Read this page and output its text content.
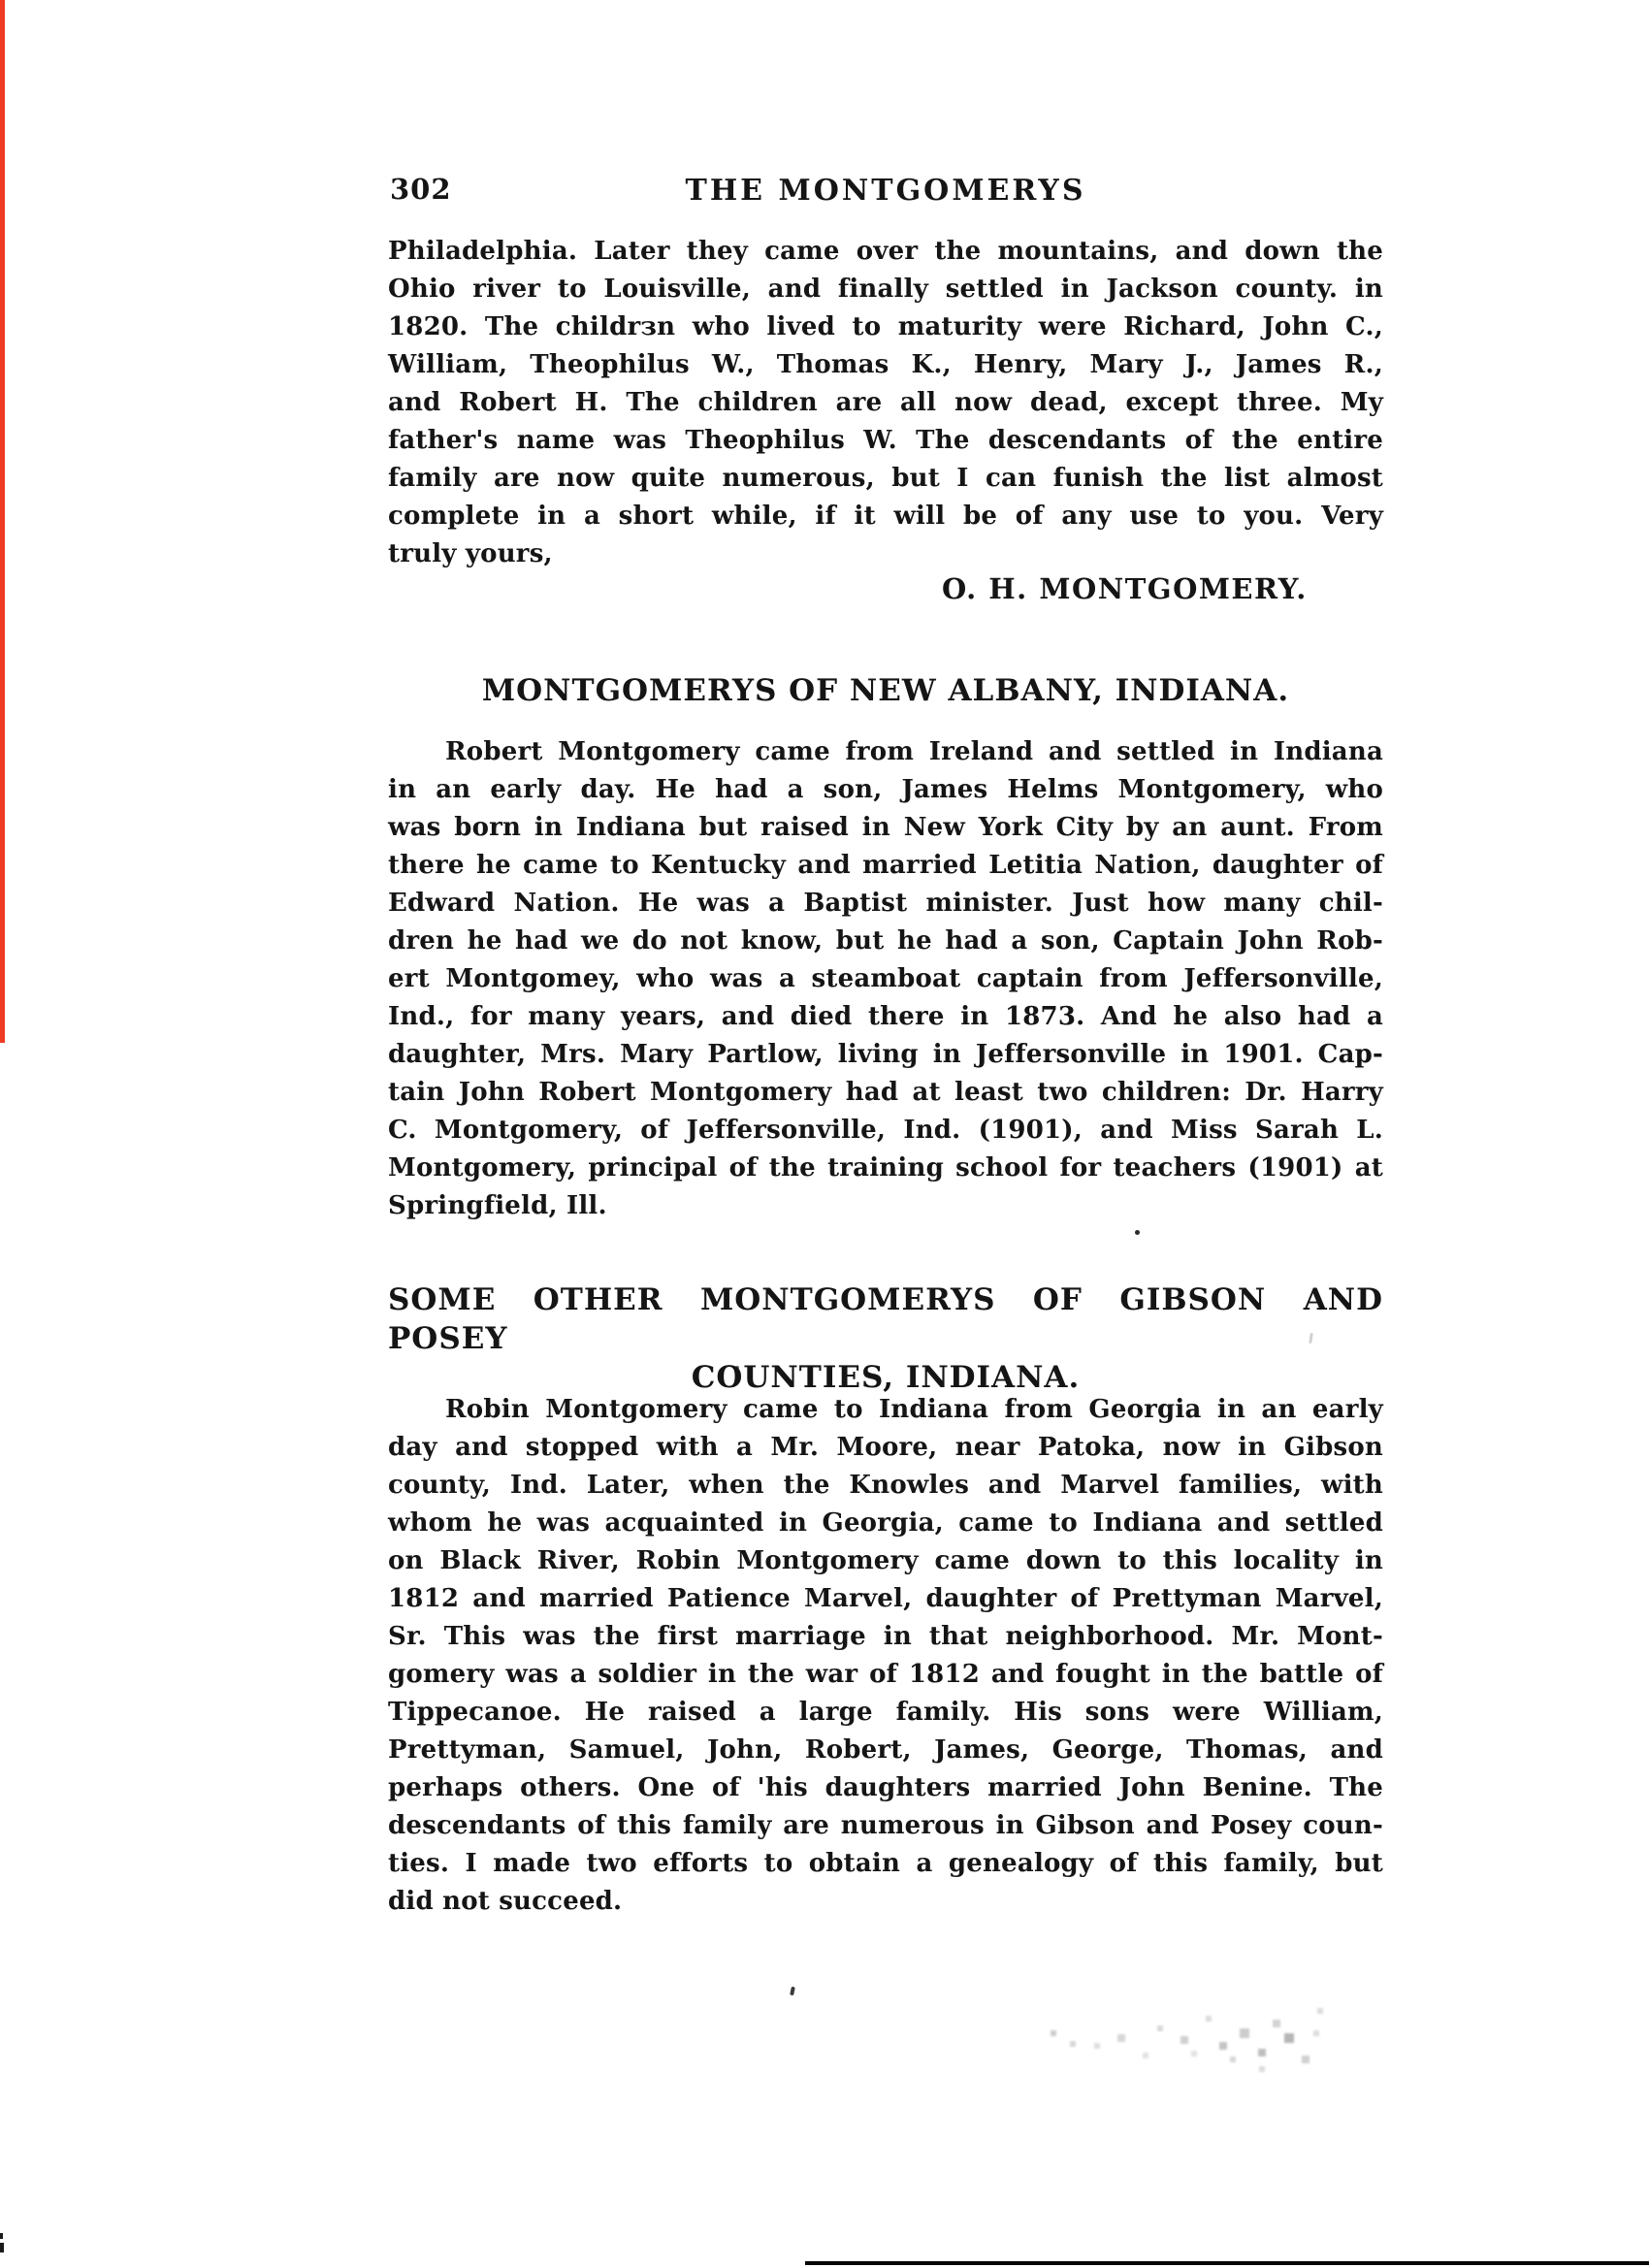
302	THE MONTGOMERYS
Philadelphia. Later they came over the mountains, and down the
Ohio river to Louisville, and finally settled in Jackson county. in
1820. The childrзn who lived to maturity were Richard, John C.,
William, Theophilus W., Thomas K., Henry, Mary J., James R.,
and Robert H. The children are all now dead, except three. My
father's name was Theophilus W. The descendants of the entire
family are now quite numerous, but I can funish the list almost
complete in a short while, if it will be of any use to you. Very
truly yours,
O. H. MONTGOMERY.
MONTGOMERYS OF NEW ALBANY, INDIANA.
Robert Montgomery came from Ireland and settled in Indiana
in an early day. He had a son, James Helms Montgomery, who
was born in Indiana but raised in New York City by an aunt. From
there he came to Kentucky and married Letitia Nation, daughter of
Edward Nation. He was a Baptist minister. Just how many chil-
dren he had we do not know, but he had a son, Captain John Rob-
ert Montgomey, who was a steamboat captain from Jeffersonville,
Ind., for many years, and died there in 1873. And he also had a
daughter, Mrs. Mary Partlow, living in Jeffersonville in 1901. Cap-
tain John Robert Montgomery had at least two children: Dr. Harry
C. Montgomery, of Jeffersonville, Ind. (1901), and Miss Sarah L.
Montgomery, principal of the training school for teachers (1901) at
Springfield, Ill.
SOME OTHER MONTGOMERYS OF GIBSON AND POSEY
COUNTIES, INDIANA.
Robin Montgomery came to Indiana from Georgia in an early
day and stopped with a Mr. Moore, near Patoka, now in Gibson
county, Ind. Later, when the Knowles and Marvel families, with
whom he was acquainted in Georgia, came to Indiana and settled
on Black River, Robin Montgomery came down to this locality in
1812 and married Patience Marvel, daughter of Prettyman Marvel,
Sr. This was the first marriage in that neighborhood. Mr. Mont-
gomery was a soldier in the war of 1812 and fought in the battle of
Tippecanoe. He raised a large family. His sons were William,
Prettyman, Samuel, John, Robert, James, George, Thomas, and
perhaps others. One of 'his daughters married John Benine. The
descendants of this family are numerous in Gibson and Posey coun-
ties. I made two efforts to obtain a genealogy of this family, but
did not succeed.
